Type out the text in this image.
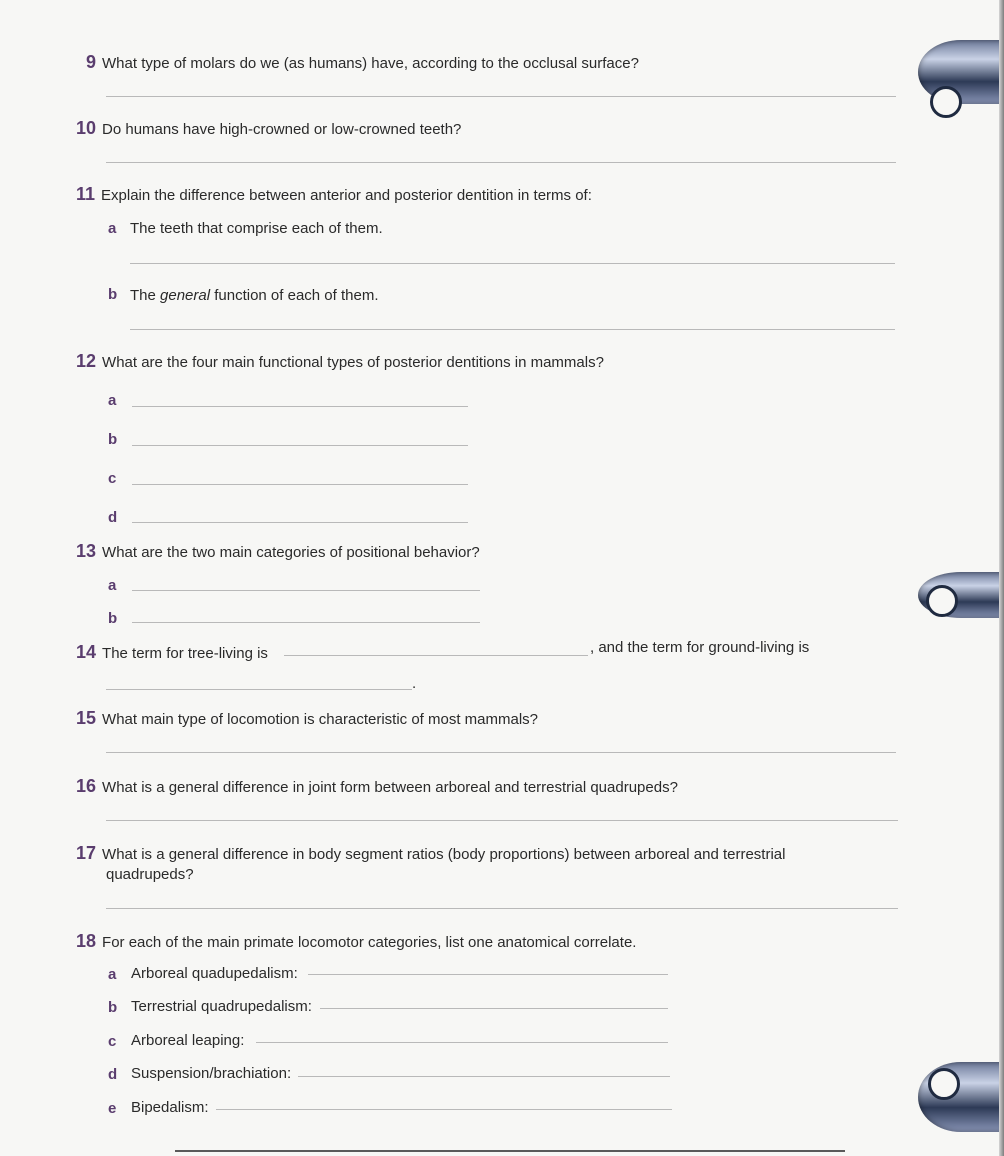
9 What type of molars do we (as humans) have, according to the occlusal surface?
10 Do humans have high-crowned or low-crowned teeth?
11 Explain the difference between anterior and posterior dentition in terms of:
a The teeth that comprise each of them.
b The general function of each of them.
12 What are the four main functional types of posterior dentitions in mammals?
a
b
c
d
13 What are the two main categories of positional behavior?
a
b
14 The term for tree-living is	, and the term for ground-living is
.
15 What main type of locomotion is characteristic of most mammals?
16 What is a general difference in joint form between arboreal and terrestrial quadrupeds?
17 What is a general difference in body segment ratios (body proportions) between arboreal and terrestrial
quadrupeds?
18 For each of the main primate locomotor categories, list one anatomical correlate.
a Arboreal quadupedalism:
b Terrestrial quadrupedalism:
c Arboreal leaping:
d Suspension/brachiation:
e Bipedalism:
